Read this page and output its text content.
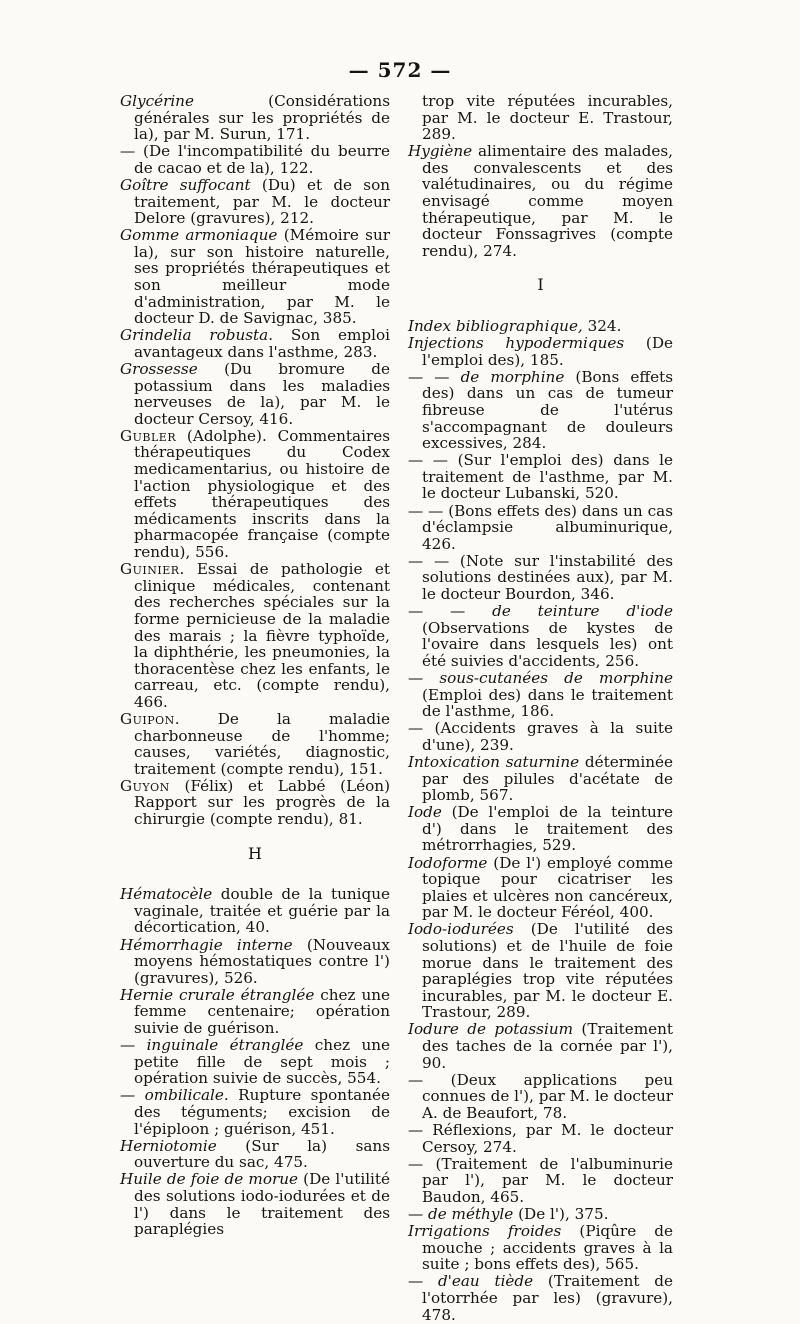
— 572 —
Glycérine (Considérations générales sur les propriétés de la), par M. Surun, 171.
— (De l'incompatibilité du beurre de cacao et de la), 122.
Goître suffocant (Du) et de son traitement, par M. le docteur Delore (gravures), 212.
Gomme armoniaque (Mémoire sur la), sur son histoire naturelle, ses propriétés thérapeutiques et son meilleur mode d'administration, par M. le docteur D. de Savignac, 385.
Grindelia robusta. Son emploi avantageux dans l'asthme, 283.
Grossesse (Du bromure de potassium dans les maladies nerveuses de la), par M. le docteur Cersoy, 416.
Gubler (Adolphe). Commentaires thérapeutiques du Codex medicamentarius, ou histoire de l'action physiologique et des effets thérapeutiques des médicaments inscrits dans la pharmacopée française (compte rendu), 556.
Guinier. Essai de pathologie et clinique médicales, contenant des recherches spéciales sur la forme pernicieuse de la maladie des marais ; la fièvre typhoïde, la diphthérie, les pneumonies, la thoracentèse chez les enfants, le carreau, etc. (compte rendu), 466.
Guipon. De la maladie charbonneuse de l'homme; causes, variétés, diagnostic, traitement (compte rendu), 151.
Guyon (Félix) et Labbé (Léon) Rapport sur les progrès de la chirurgie (compte rendu), 81.
H
Hématocèle double de la tunique vaginale, traitée et guérie par la décortication, 40.
Hémorrhagie interne (Nouveaux moyens hémostatiques contre l') (gravures), 526.
Hernie crurale étranglée chez une femme centenaire; opération suivie de guérison.
— inguinale étranglée chez une petite fille de sept mois ; opération suivie de succès, 554.
— ombilicale. Rupture spontanée des téguments; excision de l'épiploon ; guérison, 451.
Herniotomie (Sur la) sans ouverture du sac, 475.
Huile de foie de morue (De l'utilité des solutions iodo-iodurées et de l') dans le traitement des paraplégies
trop vite réputées incurables, par M. le docteur E. Trastour, 289.
Hygiène alimentaire des malades, des convalescents et des valétudinaires, ou du régime envisagé comme moyen thérapeutique, par M. le docteur Fonssagrives (compte rendu), 274.
I
Index bibliographique, 324.
Injections hypodermiques (De l'emploi des), 185.
— — de morphine (Bons effets des) dans un cas de tumeur fibreuse de l'utérus s'accompagnant de douleurs excessives, 284.
— — (Sur l'emploi des) dans le traitement de l'asthme, par M. le docteur Lubanski, 520.
— — (Bons effets des) dans un cas d'éclampsie albuminurique, 426.
— — (Note sur l'instabilité des solutions destinées aux), par M. le docteur Bourdon, 346.
— — de teinture d'iode (Observations de kystes de l'ovaire dans lesquels les) ont été suivies d'accidents, 256.
— sous-cutanées de morphine (Emploi des) dans le traitement de l'asthme, 186.
— (Accidents graves à la suite d'une), 239.
Intoxication saturnine déterminée par des pilules d'acétate de plomb, 567.
Iode (De l'emploi de la teinture d') dans le traitement des métrorrhagies, 529.
Iodoforme (De l') employé comme topique pour cicatriser les plaies et ulcères non cancéreux, par M. le docteur Féréol, 400.
Iodo-iodurées (De l'utilité des solutions) et de l'huile de foie morue dans le traitement des paraplégies trop vite réputées incurables, par M. le docteur E. Trastour, 289.
Iodure de potassium (Traitement des taches de la cornée par l'), 90.
— (Deux applications peu connues de l'), par M. le docteur A. de Beaufort, 78.
— Réflexions, par M. le docteur Cersoy, 274.
— (Traitement de l'albuminurie par l'), par M. le docteur Baudon, 465.
— de méthyle (De l'), 375.
Irrigations froides (Piqûre de mouche ; accidents graves à la suite ; bons effets des), 565.
— d'eau tiède (Traitement de l'otorrhée par les) (gravure), 478.
